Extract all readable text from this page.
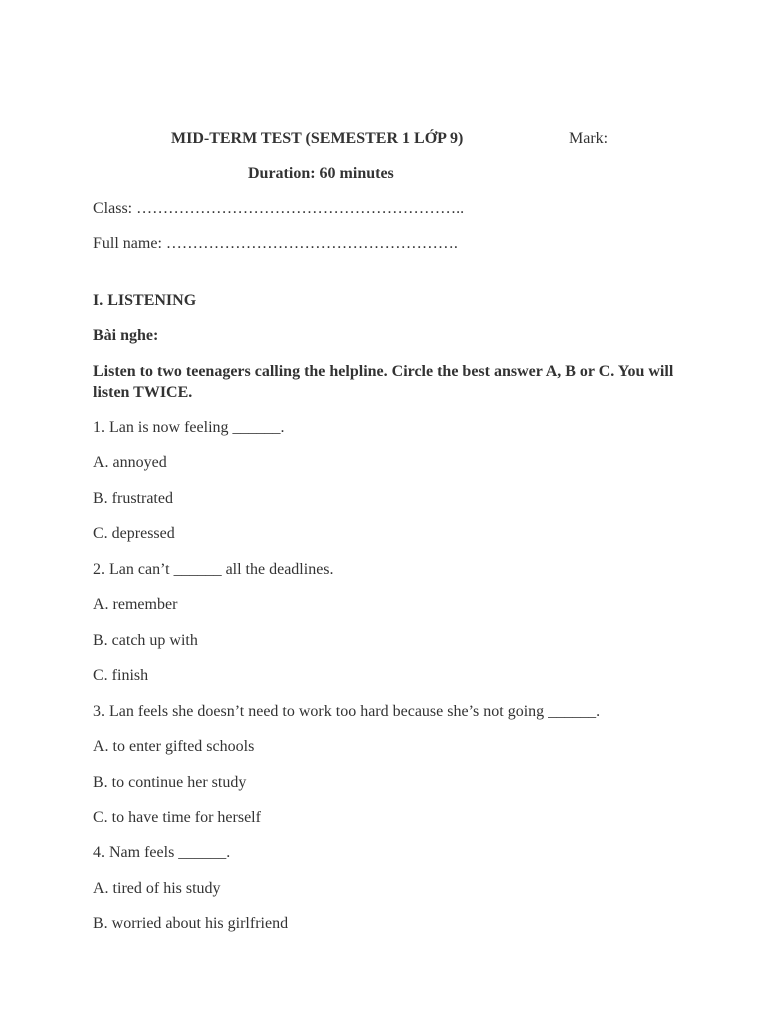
MID-TERM TEST (SEMESTER 1 LỚP 9)	Mark:
Duration: 60 minutes
Class: ……………………………………………………..
Full name: ……………………………………………….
I. LISTENING
Bài nghe:
Listen to two teenagers calling the helpline. Circle the best answer A, B or C. You will listen TWICE.
1. Lan is now feeling ______.
A. annoyed
B. frustrated
C. depressed
2. Lan can’t ______ all the deadlines.
A. remember
B. catch up with
C. finish
3. Lan feels she doesn’t need to work too hard because she’s not going ______.
A. to enter gifted schools
B. to continue her study
C. to have time for herself
4. Nam feels ______.
A. tired of his study
B. worried about his girlfriend
